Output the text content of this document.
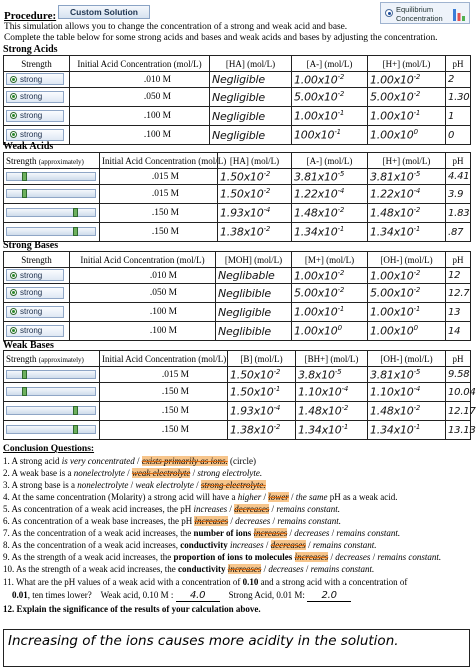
Procedure:	Custom Solution	Equilibrium
Concentration
This simulation allows you to change the concentration of a strong and weak acid and base.
Complete the table below for some strong acids and bases and weak acids and bases by adjusting the concentration.
Strong Acids
Strength	Initial Acid Concentration (mol/L)	[HA] (mol/L)	[A-] (mol/L)	[H+] (mol/L)	pH

strong	.010 M	Negligible	$1.00x10^{-2}$	$1.00x10^{-2}$	2

strong	.050 M	Negligible	$5.00x10^{-2}$	$5.00x10^{-2}$	1.30

strong	.100 M	Negligible	$1.00x10^{-1}$	$1.00x10^{-1}$	1

strong	.100 M	Negligible	$100x10^{-1}$	$1.00x10^0$	0
Weak Acids
Strength (approximately)	Initial Acid Concentration (mol/L)	[HA] (mol/L)	[A-] (mol/L)	[H+] (mol/L)	pH

	.015 M	$1.50x10^{-2}$	$3.81x10^{-5}$	$3.81x10^{-5}$	4.41

	.015 M	$1.50x10^{-2}$	$1.22x10^{-4}$	$1.22x10^{-4}$	3.9

	.150 M	$1.93x10^{-4}$	$1.48x10^{-2}$	$1.48x10^{-2}$	1.83

	.150 M	$1.38x10^{-2}$	$1.34x10^{-1}$	$1.34x10^{-1}$	.87
Strong Bases
Strength	Initial Acid Concentration (mol/L)	[MOH] (mol/L)	[M+] (mol/L)	[OH-] (mol/L)	pH

strong	.010 M	Neglibable	$1.00x10^{-2}$	$1.00x10^{-2}$	12

strong	.050 M	Neglibible	$5.00x10^{-2}$	$5.00x10^{-2}$	12.7

strong	.100 M	Negligible	$1.00x10^{-1}$	$1.00x10^{-1}$	13

strong	.100 M	Neglibible	$1.00x10^0$	$1.00x10^0$	14
Weak Bases
Strength (approximately)	Initial Acid Concentration (mol/L)	[B] (mol/L)	[BH+] (mol/L)	[OH-] (mol/L)	pH

	.015 M	$1.50x10^{-2}$	$3.8x10^{-5}$	$3.81x10^{-5}$	9.58

	.150 M	$1.50x10^{-1}$	$1.10x10^{-4}$	$1.10x10^{-4}$	10.04

	.150 M	$1.93x10^{-4}$	$1.48x10^{-2}$	$1.48x10^{-2}$	12.17

	.150 M	$1.38x10^{-2}$	$1.34x10^{-1}$	$1.34x10^{-1}$	13.13
Conclusion Questions:
1. A strong acid is very concentrated / exists primarily as ions. (circle)
2. A weak base is a nonelectrolyte / weak electrolyte / strong electrolyte.
3. A strong base is a nonelectrolyte / weak electrolyte / strong electrolyte.
4. At the same concentration (Molarity) a strong acid will have a higher / lower / the same pH as a weak acid.
5. As concentration of a weak acid increases, the pH increases / decreases / remains constant.
6. As concentration of a weak base increases, the pH increases / decreases / remains constant.
7. As the concentration of a weak acid increases, the number of ions increases / decreases / remains constant.
8. As the concentration of a weak acid increases, conductivity increases / decreases / remains constant.
9. As the strength of a weak acid increases, the proportion of ions to molecules increases / decreases / remains constant.
10. As the strength of a weak acid increases, the conductivity increases / decreases / remains constant.
11. What are the pH values of a weak acid with a concentration of 0.10 and a strong acid with a concentration of
0.01, ten times lower? Weak acid, 0.10 M : 4.0	Strong Acid, 0.01 M: 2.0
12. Explain the significance of the results of your calculation above.
Increasing of the ions causes more acidity in the solution.
